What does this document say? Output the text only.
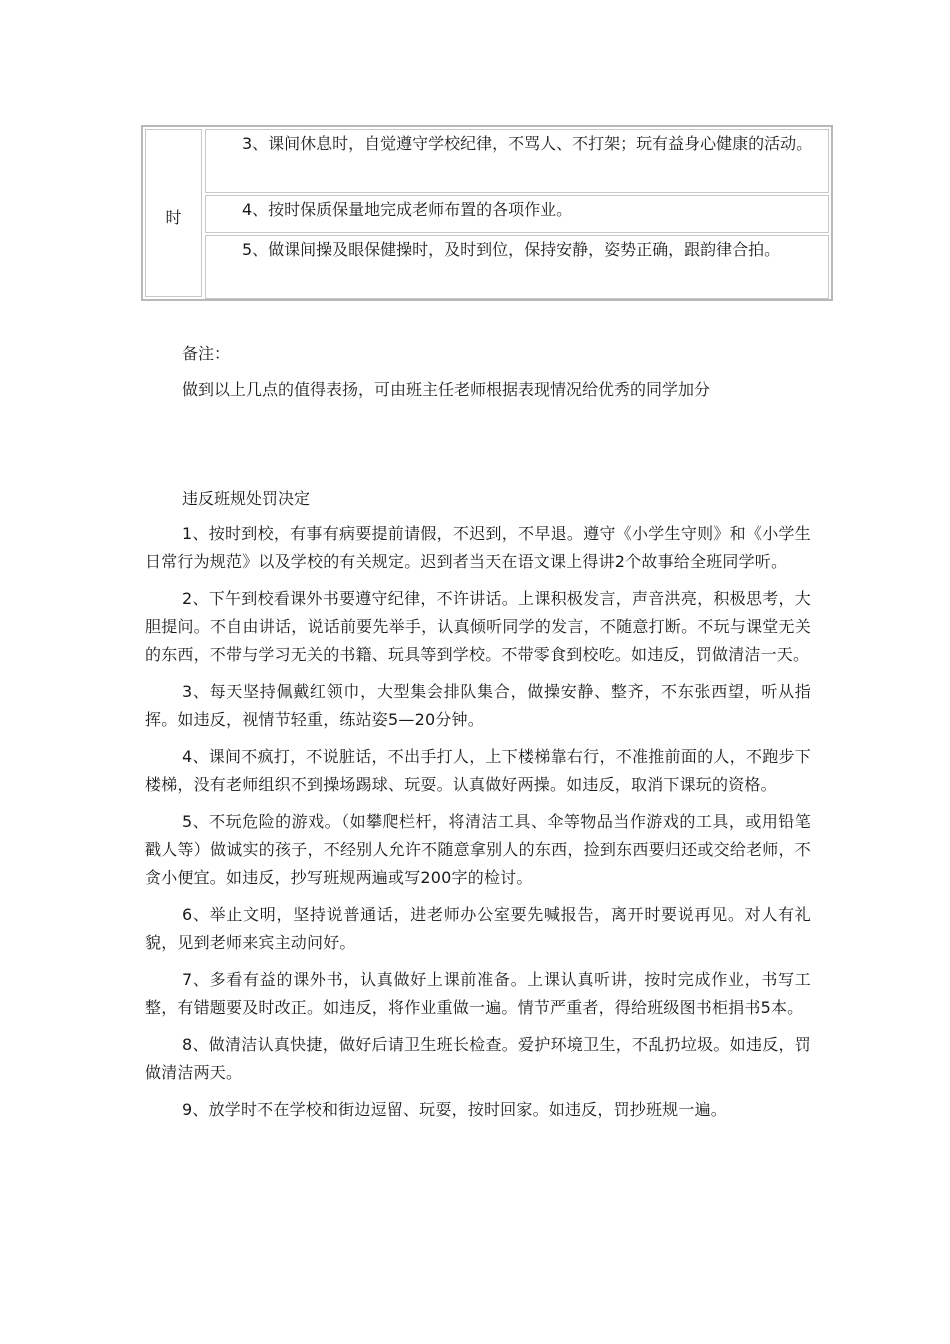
时
3、课间休息时，自觉遵守学校纪律，不骂人、不打架；玩有益身心健康的活动。
4、按时保质保量地完成老师布置的各项作业。
5、做课间操及眼保健操时，及时到位，保持安静，姿势正确，跟韵律合拍。
备注：
做到以上几点的值得表扬，可由班主任老师根据表现情况给优秀的同学加分
违反班规处罚决定
1、按时到校，有事有病要提前请假，不迟到，不早退。遵守《小学生守则》和《小学生日常行为规范》以及学校的有关规定。迟到者当天在语文课上得讲2个故事给全班同学听。
2、下午到校看课外书要遵守纪律，不许讲话。上课积极发言，声音洪亮，积极思考，大胆提问。不自由讲话，说话前要先举手，认真倾听同学的发言，不随意打断。不玩与课堂无关的东西，不带与学习无关的书籍、玩具等到学校。不带零食到校吃。如违反，罚做清洁一天。
3、每天坚持佩戴红领巾，大型集会排队集合，做操安静、整齐，不东张西望，听从指挥。如违反，视情节轻重，练站姿5—20分钟。
4、课间不疯打，不说脏话，不出手打人，上下楼梯靠右行，不准推前面的人，不跑步下楼梯，没有老师组织不到操场踢球、玩耍。认真做好两操。如违反，取消下课玩的资格。
5、不玩危险的游戏。（如攀爬栏杆，将清洁工具、伞等物品当作游戏的工具，或用铅笔戳人等）做诚实的孩子，不经别人允许不随意拿别人的东西，捡到东西要归还或交给老师，不贪小便宜。如违反，抄写班规两遍或写200字的检讨。
6、举止文明，坚持说普通话，进老师办公室要先喊报告，离开时要说再见。对人有礼貌，见到老师来宾主动问好。
7、多看有益的课外书，认真做好上课前准备。上课认真听讲，按时完成作业，书写工整，有错题要及时改正。如违反，将作业重做一遍。情节严重者，得给班级图书柜捐书5本。
8、做清洁认真快捷，做好后请卫生班长检查。爱护环境卫生，不乱扔垃圾。如违反，罚做清洁两天。
9、放学时不在学校和街边逗留、玩耍，按时回家。如违反，罚抄班规一遍。
